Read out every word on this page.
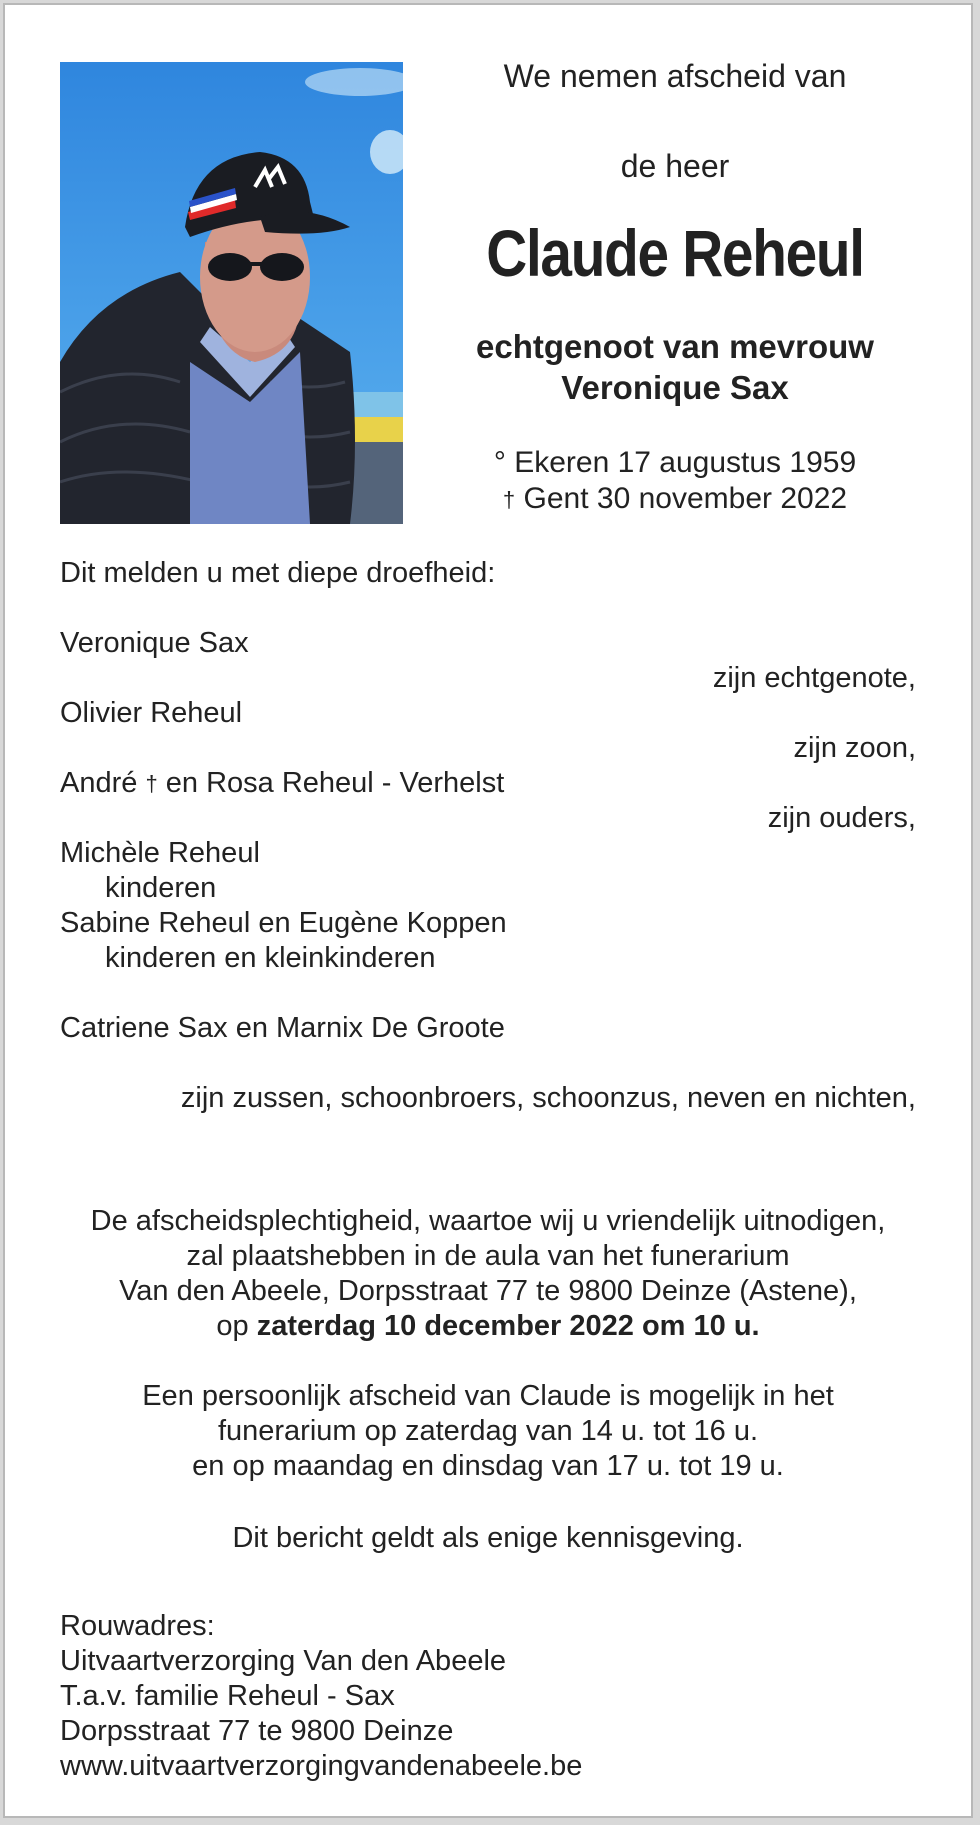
We nemen afscheid van
de heer
Claude Reheul
echtgenoot van mevrouw
Veronique Sax
° Ekeren 17 augustus 1959
† Gent 30 november 2022
Dit melden u met diepe droefheid:
Veronique Sax
zijn echtgenote,
Olivier Reheul
zijn zoon,
André † en Rosa Reheul - Verhelst
zijn ouders,
Michèle Reheul
kinderen
Sabine Reheul en Eugène Koppen
kinderen en kleinkinderen
Catriene Sax en Marnix De Groote
zijn zussen, schoonbroers, schoonzus, neven en nichten,
De afscheidsplechtigheid, waartoe wij u vriendelijk uitnodigen,
zal plaatshebben in de aula van het funerarium
Van den Abeele, Dorpsstraat 77 te 9800 Deinze (Astene),
op zaterdag 10 december 2022 om 10 u.
Een persoonlijk afscheid van Claude is mogelijk in het
funerarium op zaterdag van 14 u. tot 16 u.
en op maandag en dinsdag van 17 u. tot 19 u.
Dit bericht geldt als enige kennisgeving.
Rouwadres:
Uitvaartverzorging Van den Abeele
T.a.v. familie Reheul - Sax
Dorpsstraat 77 te 9800 Deinze
www.uitvaartverzorgingvandenabeele.be
